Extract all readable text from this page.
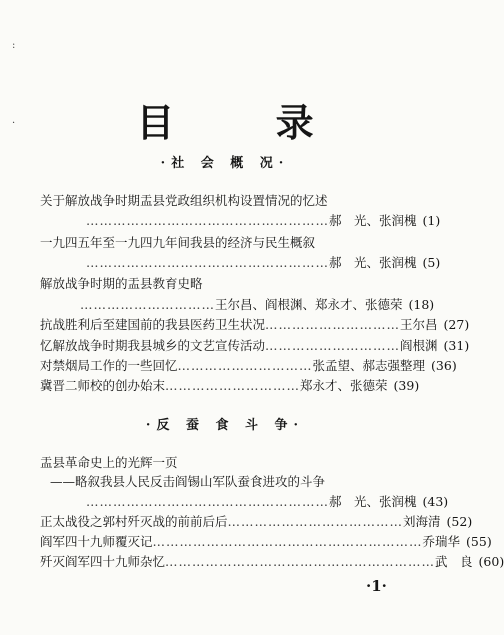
:
·	目 录
·社 会 概 况·
关于解放战争时期盂县党政组织机构设置情况的忆述
……………………………………………… 郝　光、张润槐 (1)
一九四五年至一九四九年间我县的经济与民生概叙
……………………………………………… 郝　光、张润槐 (5)
解放战争时期的盂县教育史略
………………………… 王尔昌、阎根渊、郑永才、张德荣 (18)
抗战胜利后至建国前的我县医药卫生状况 ………………………… 王尔昌 (27)
忆解放战争时期我县城乡的文艺宣传活动 ………………………… 阎根渊 (31)
对禁烟局工作的一些回忆 ………………………… 张孟望、郝志强整理 (36)
冀晋二师校的创办始末 ………………………… 郑永才、张德荣 (39)
·反 蚕 食 斗 争·
盂县革命史上的光辉一页
——略叙我县人民反击阎锡山军队蚕食进攻的斗争
……………………………………………… 郝　光、张润槐 (43)
正太战役之郭村歼灭战的前前后后 ………………………………… 刘海清 (52)
阎军四十九师覆灭记 …………………………………………………… 乔瑞华 (55)
歼灭阎军四十九师杂忆 …………………………………………………… 武　良 (60)
·1·
